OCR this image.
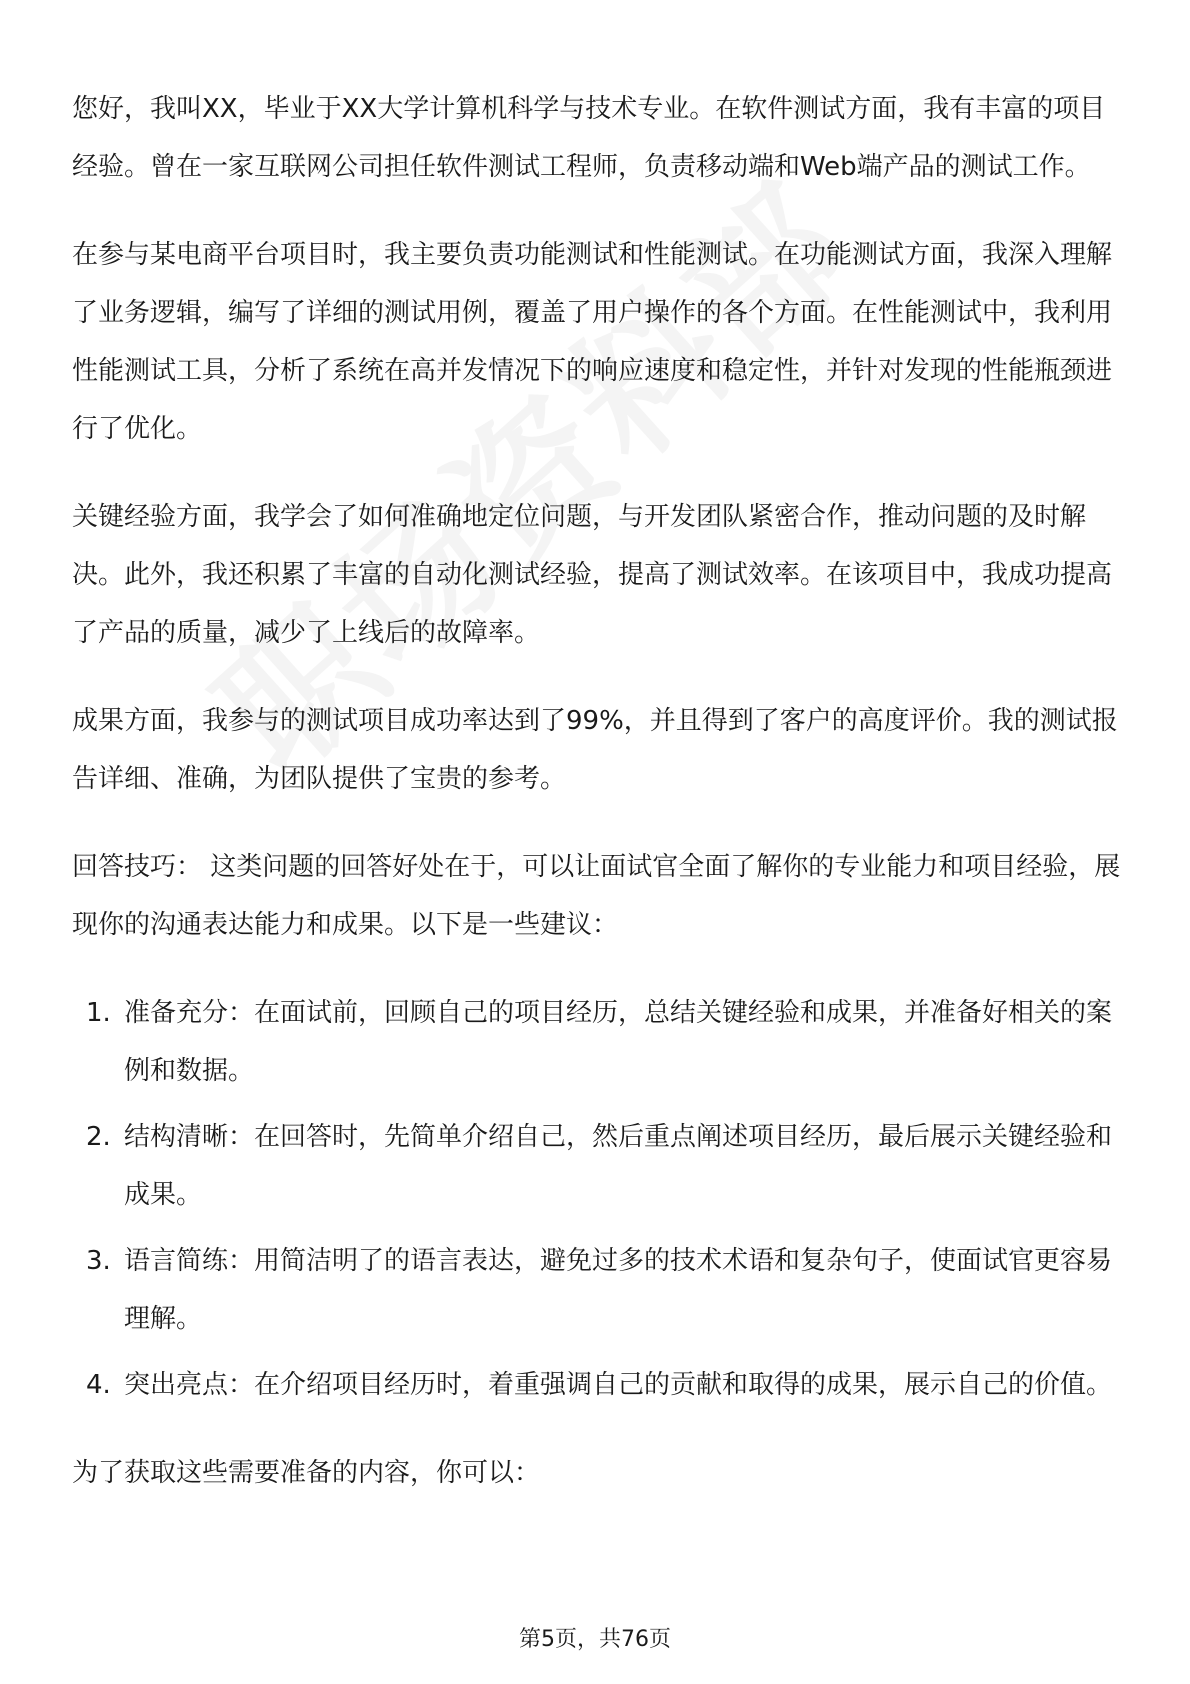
您好，我叫XX，毕业于XX大学计算机科学与技术专业。在软件测试方面，我有丰富的项目经验。曾在一家互联网公司担任软件测试工程师，负责移动端和Web端产品的测试工作。

在参与某电商平台项目时，我主要负责功能测试和性能测试。在功能测试方面，我深入理解了业务逻辑，编写了详细的测试用例，覆盖了用户操作的各个方面。在性能测试中，我利用性能测试工具，分析了系统在高并发情况下的响应速度和稳定性，并针对发现的性能瓶颈进行了优化。

关键经验方面，我学会了如何准确地定位问题，与开发团队紧密合作，推动问题的及时解决。此外，我还积累了丰富的自动化测试经验，提高了测试效率。在该项目中，我成功提高了产品的质量，减少了上线后的故障率。

成果方面，我参与的测试项目成功率达到了99%，并且得到了客户的高度评价。我的测试报告详细、准确，为团队提供了宝贵的参考。

回答技巧： 这类问题的回答好处在于，可以让面试官全面了解你的专业能力和项目经验，展现你的沟通表达能力和成果。以下是一些建议：

1. 准备充分：在面试前，回顾自己的项目经历，总结关键经验和成果，并准备好相关的案例和数据。
2. 结构清晰：在回答时，先简单介绍自己，然后重点阐述项目经历，最后展示关键经验和成果。
3. 语言简练：用简洁明了的语言表达，避免过多的技术术语和复杂句子，使面试官更容易理解。
4. 突出亮点：在介绍项目经历时，着重强调自己的贡献和取得的成果，展示自己的价值。

为了获取这些需要准备的内容，你可以：

第5页，共76页
